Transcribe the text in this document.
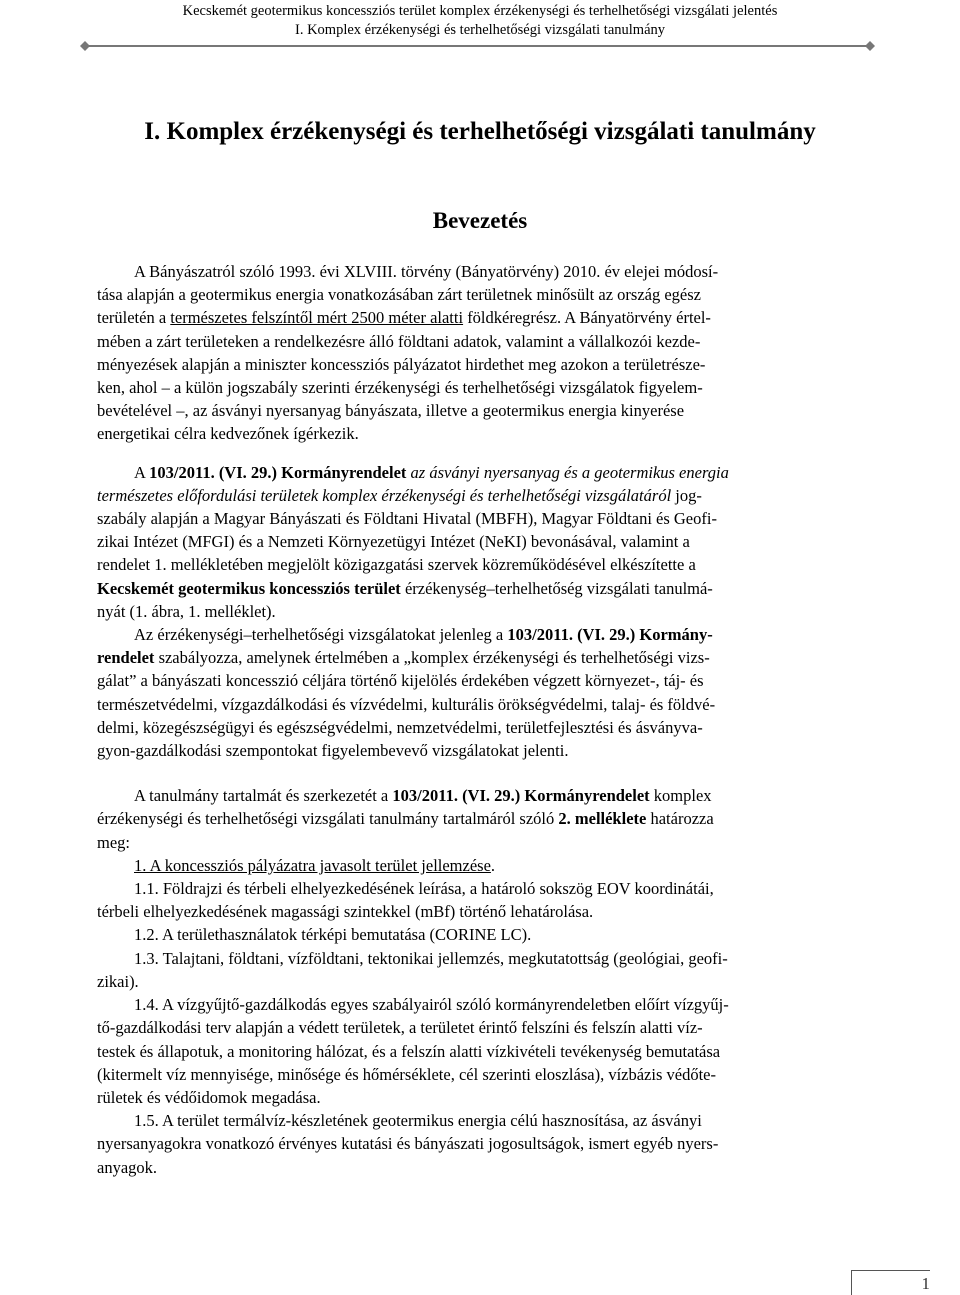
Kecskemét geotermikus koncessziós terület komplex érzékenységi és terhelhetőségi vizsgálati jelentés
I. Komplex érzékenységi és terhelhetőségi vizsgálati tanulmány
I. Komplex érzékenységi és terhelhetőségi vizsgálati tanulmány
Bevezetés
A Bányászatról szóló 1993. évi XLVIII. törvény (Bányatörvény) 2010. év elejei módosí-
tása alapján a geotermikus energia vonatkozásában zárt területnek minősült az ország egész
területén a természetes felszíntől mért 2500 méter alatti földkéregrész. A Bányatörvény értel-
mében a zárt területeken a rendelkezésre álló földtani adatok, valamint a vállalkozói kezde-
ményezések alapján a miniszter koncessziós pályázatot hirdethet meg azokon a területrésze-
ken, ahol – a külön jogszabály szerinti érzékenységi és terhelhetőségi vizsgálatok figyelem-
bevételével –, az ásványi nyersanyag bányászata, illetve a geotermikus energia kinyerése
energetikai célra kedvezőnek ígérkezik.
A 103/2011. (VI. 29.) Kormányrendelet az ásványi nyersanyag és a geotermikus energia
természetes előfordulási területek komplex érzékenységi és terhelhetőségi vizsgálatáról jog-
szabály alapján a Magyar Bányászati és Földtani Hivatal (MBFH), Magyar Földtani és Geofi-
zikai Intézet (MFGI) és a Nemzeti Környezetügyi Intézet (NeKI) bevonásával, valamint a
rendelet 1. mellékletében megjelölt közigazgatási szervek közreműködésével elkészítette a
Kecskemét geotermikus koncessziós terület érzékenység–terhelhetőség vizsgálati tanulmá-
nyát (1. ábra, 1. melléklet).
Az érzékenységi–terhelhetőségi vizsgálatokat jelenleg a 103/2011. (VI. 29.) Kormány-
rendelet szabályozza, amelynek értelmében a „komplex érzékenységi és terhelhetőségi vizs-
gálat” a bányászati koncesszió céljára történő kijelölés érdekében végzett környezet-, táj- és
természetvédelmi, vízgazdálkodási és vízvédelmi, kulturális örökségvédelmi, talaj- és földvé-
delmi, közegészségügyi és egészségvédelmi, nemzetvédelmi, területfejlesztési és ásványva-
gyon-gazdálkodási szempontokat figyelembevevő vizsgálatokat jelenti.
A tanulmány tartalmát és szerkezetét a 103/2011. (VI. 29.) Kormányrendelet komplex
érzékenységi és terhelhetőségi vizsgálati tanulmány tartalmáról szóló 2. melléklete határozza
meg:
1. A koncessziós pályázatra javasolt terület jellemzése.
1.1. Földrajzi és térbeli elhelyezkedésének leírása, a határoló sokszög EOV koordinátái,
térbeli elhelyezkedésének magassági szintekkel (mBf) történő lehatárolása.
1.2. A területhasználatok térképi bemutatása (CORINE LC).
1.3. Talajtani, földtani, vízföldtani, tektonikai jellemzés, megkutatottság (geológiai, geofi-
zikai).
1.4. A vízgyűjtő-gazdálkodás egyes szabályairól szóló kormányrendeletben előírt vízgyűj-
tő-gazdálkodási terv alapján a védett területek, a területet érintő felszíni és felszín alatti víz-
testek és állapotuk, a monitoring hálózat, és a felszín alatti vízkivételi tevékenység bemutatása
(kitermelt víz mennyisége, minősége és hőmérséklete, cél szerinti eloszlása), vízbázis védőte-
rületek és védőidomok megadása.
1.5. A terület termálvíz-készletének geotermikus energia célú hasznosítása, az ásványi
nyersanyagokra vonatkozó érvényes kutatási és bányászati jogosultságok, ismert egyéb nyers-
anyagok.
1
